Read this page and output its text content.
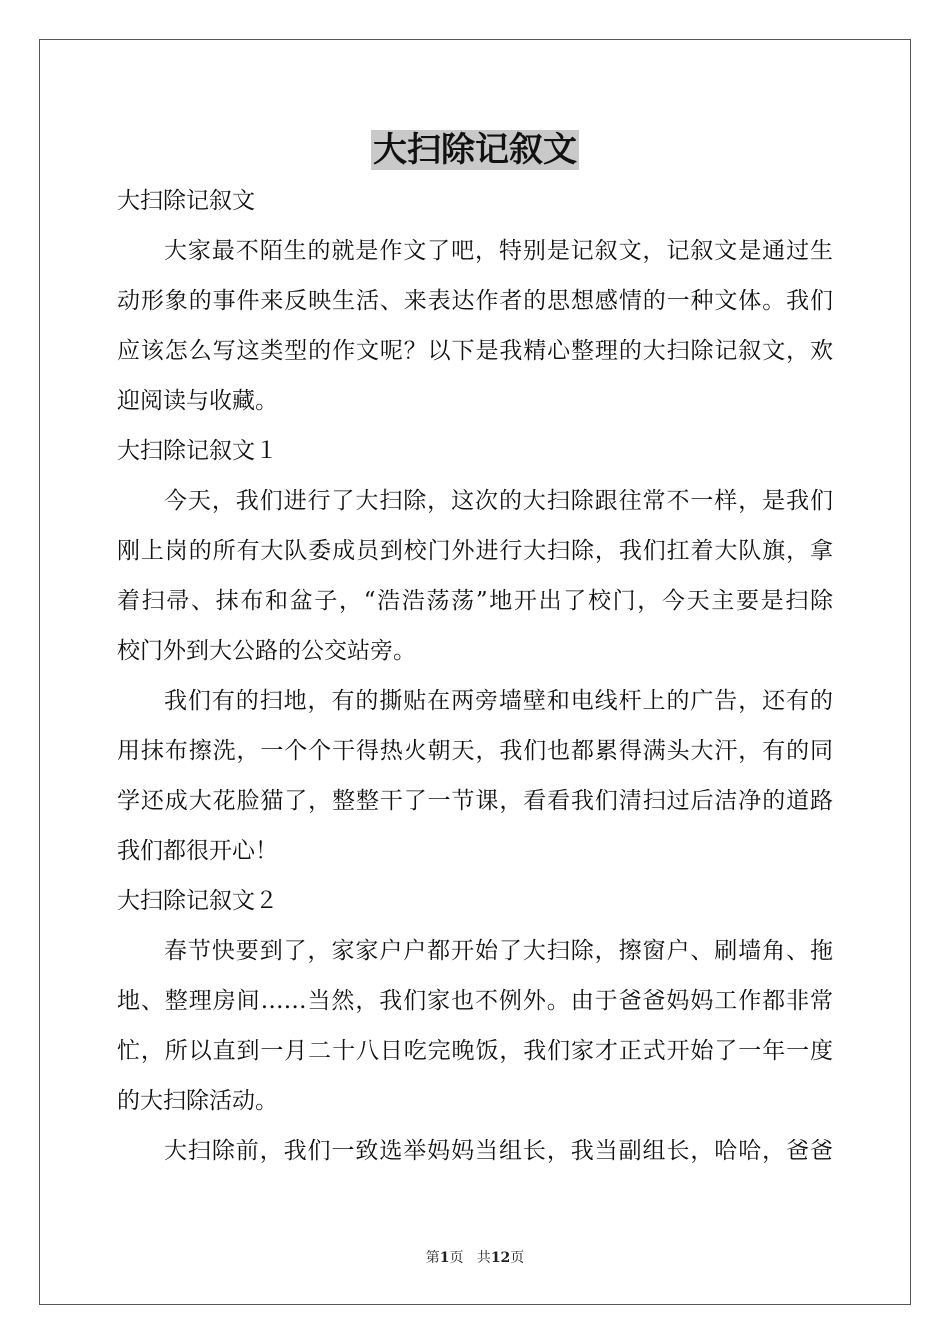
大扫除记叙文
大扫除记叙文
大家最不陌生的就是作文了吧，特别是记叙文，记叙文是通过生
动形象的事件来反映生活、来表达作者的思想感情的一种文体。我们
应该怎么写这类型的作文呢？以下是我精心整理的大扫除记叙文，欢
迎阅读与收藏。
大扫除记叙文１
今天，我们进行了大扫除，这次的大扫除跟往常不一样，是我们
刚上岗的所有大队委成员到校门外进行大扫除，我们扛着大队旗，拿
着扫帚、抹布和盆子，“浩浩荡荡”地开出了校门，今天主要是扫除
校门外到大公路的公交站旁。
我们有的扫地，有的撕贴在两旁墙壁和电线杆上的广告，还有的
用抹布擦洗，一个个干得热火朝天，我们也都累得满头大汗，有的同
学还成大花脸猫了，整整干了一节课，看看我们清扫过后洁净的道路
我们都很开心！
大扫除记叙文２
春节快要到了，家家户户都开始了大扫除，擦窗户、刷墙角、拖
地、整理房间……当然，我们家也不例外。由于爸爸妈妈工作都非常
忙，所以直到一月二十八日吃完晚饭，我们家才正式开始了一年一度
的大扫除活动。
大扫除前，我们一致选举妈妈当组长，我当副组长，哈哈，爸爸
第1页 共12页
